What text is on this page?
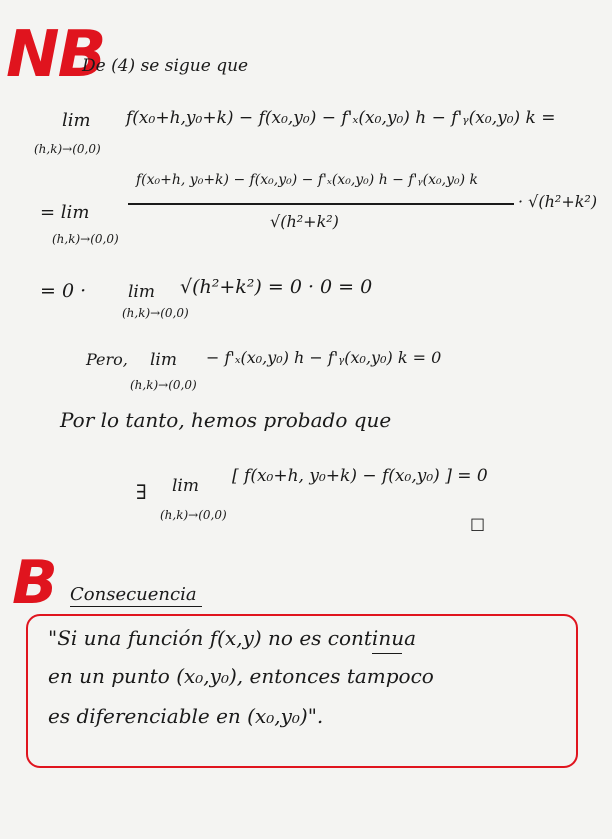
NB
De (4) se sigue que
lim
(h,k)→(0,0)
f(x₀+h,y₀+k) − f(x₀,y₀) − f'ₓ(x₀,y₀) h − f'ᵧ(x₀,y₀) k =
= lim
(h,k)→(0,0)
f(x₀+h, y₀+k) − f(x₀,y₀) − f'ₓ(x₀,y₀) h − f'ᵧ(x₀,y₀) k
√(h²+k²)
· √(h²+k²)
= 0 · lim
(h,k)→(0,0)
√(h²+k²) = 0 · 0 = 0
Pero, lim
(h,k)→(0,0)
− f'ₓ(x₀,y₀) h − f'ᵧ(x₀,y₀) k = 0
Por lo tanto, hemos probado que
∃ lim
(h,k)→(0,0)
[ f(x₀+h, y₀+k) − f(x₀,y₀) ] = 0
□
B Consecuencia
"Si una función f(x,y) no es continua
en un punto (x₀,y₀), entonces tampoco
es diferenciable en (x₀,y₀)".
